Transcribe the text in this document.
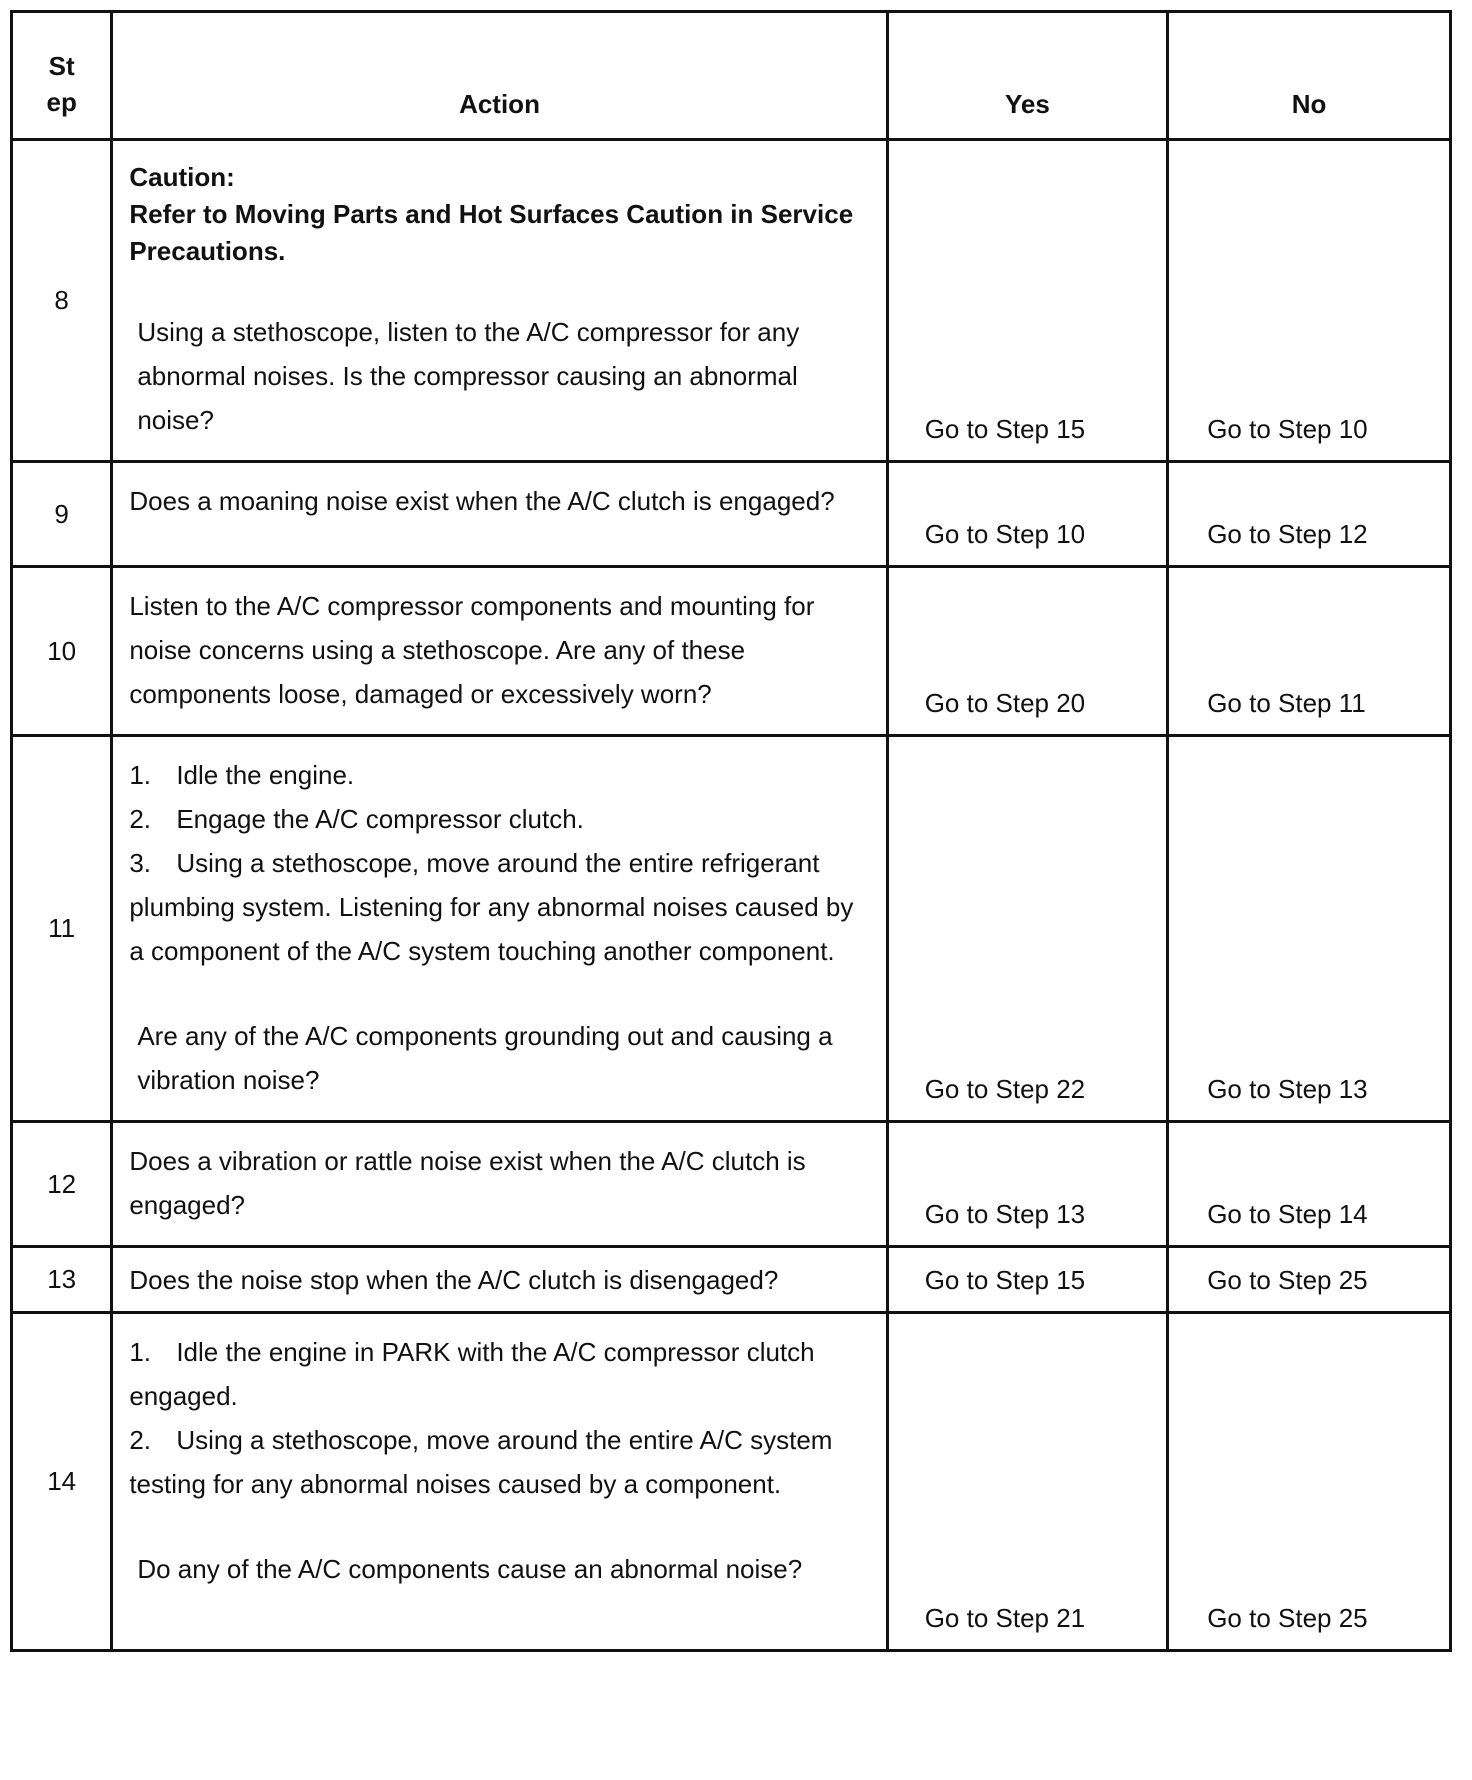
St
ep	Action	Yes	No
8	Caution:
Refer to Moving Parts and Hot Surfaces Caution in Service Precautions.
Using a stethoscope, listen to the A/C compressor for any abnormal noises. Is the compressor causing an abnormal noise?	Go to Step 15	Go to Step 10
9	Does a moaning noise exist when the A/C clutch is engaged?	Go to Step 10	Go to Step 12
10	Listen to the A/C compressor components and mounting for noise concerns using a stethoscope. Are any of these components loose, damaged or excessively worn?	Go to Step 20	Go to Step 11
11	1. Idle the engine.
2. Engage the A/C compressor clutch.
3. Using a stethoscope, move around the entire refrigerant plumbing system. Listening for any abnormal noises caused by a component of the A/C system touching another component.
Are any of the A/C components grounding out and causing a vibration noise?	Go to Step 22	Go to Step 13
12	Does a vibration or rattle noise exist when the A/C clutch is engaged?	Go to Step 13	Go to Step 14
13	Does the noise stop when the A/C clutch is disengaged?	Go to Step 15	Go to Step 25
14	1. Idle the engine in PARK with the A/C compressor clutch engaged.
2. Using a stethoscope, move around the entire A/C system testing for any abnormal noises caused by a component.
Do any of the A/C components cause an abnormal noise?	Go to Step 21	Go to Step 25
